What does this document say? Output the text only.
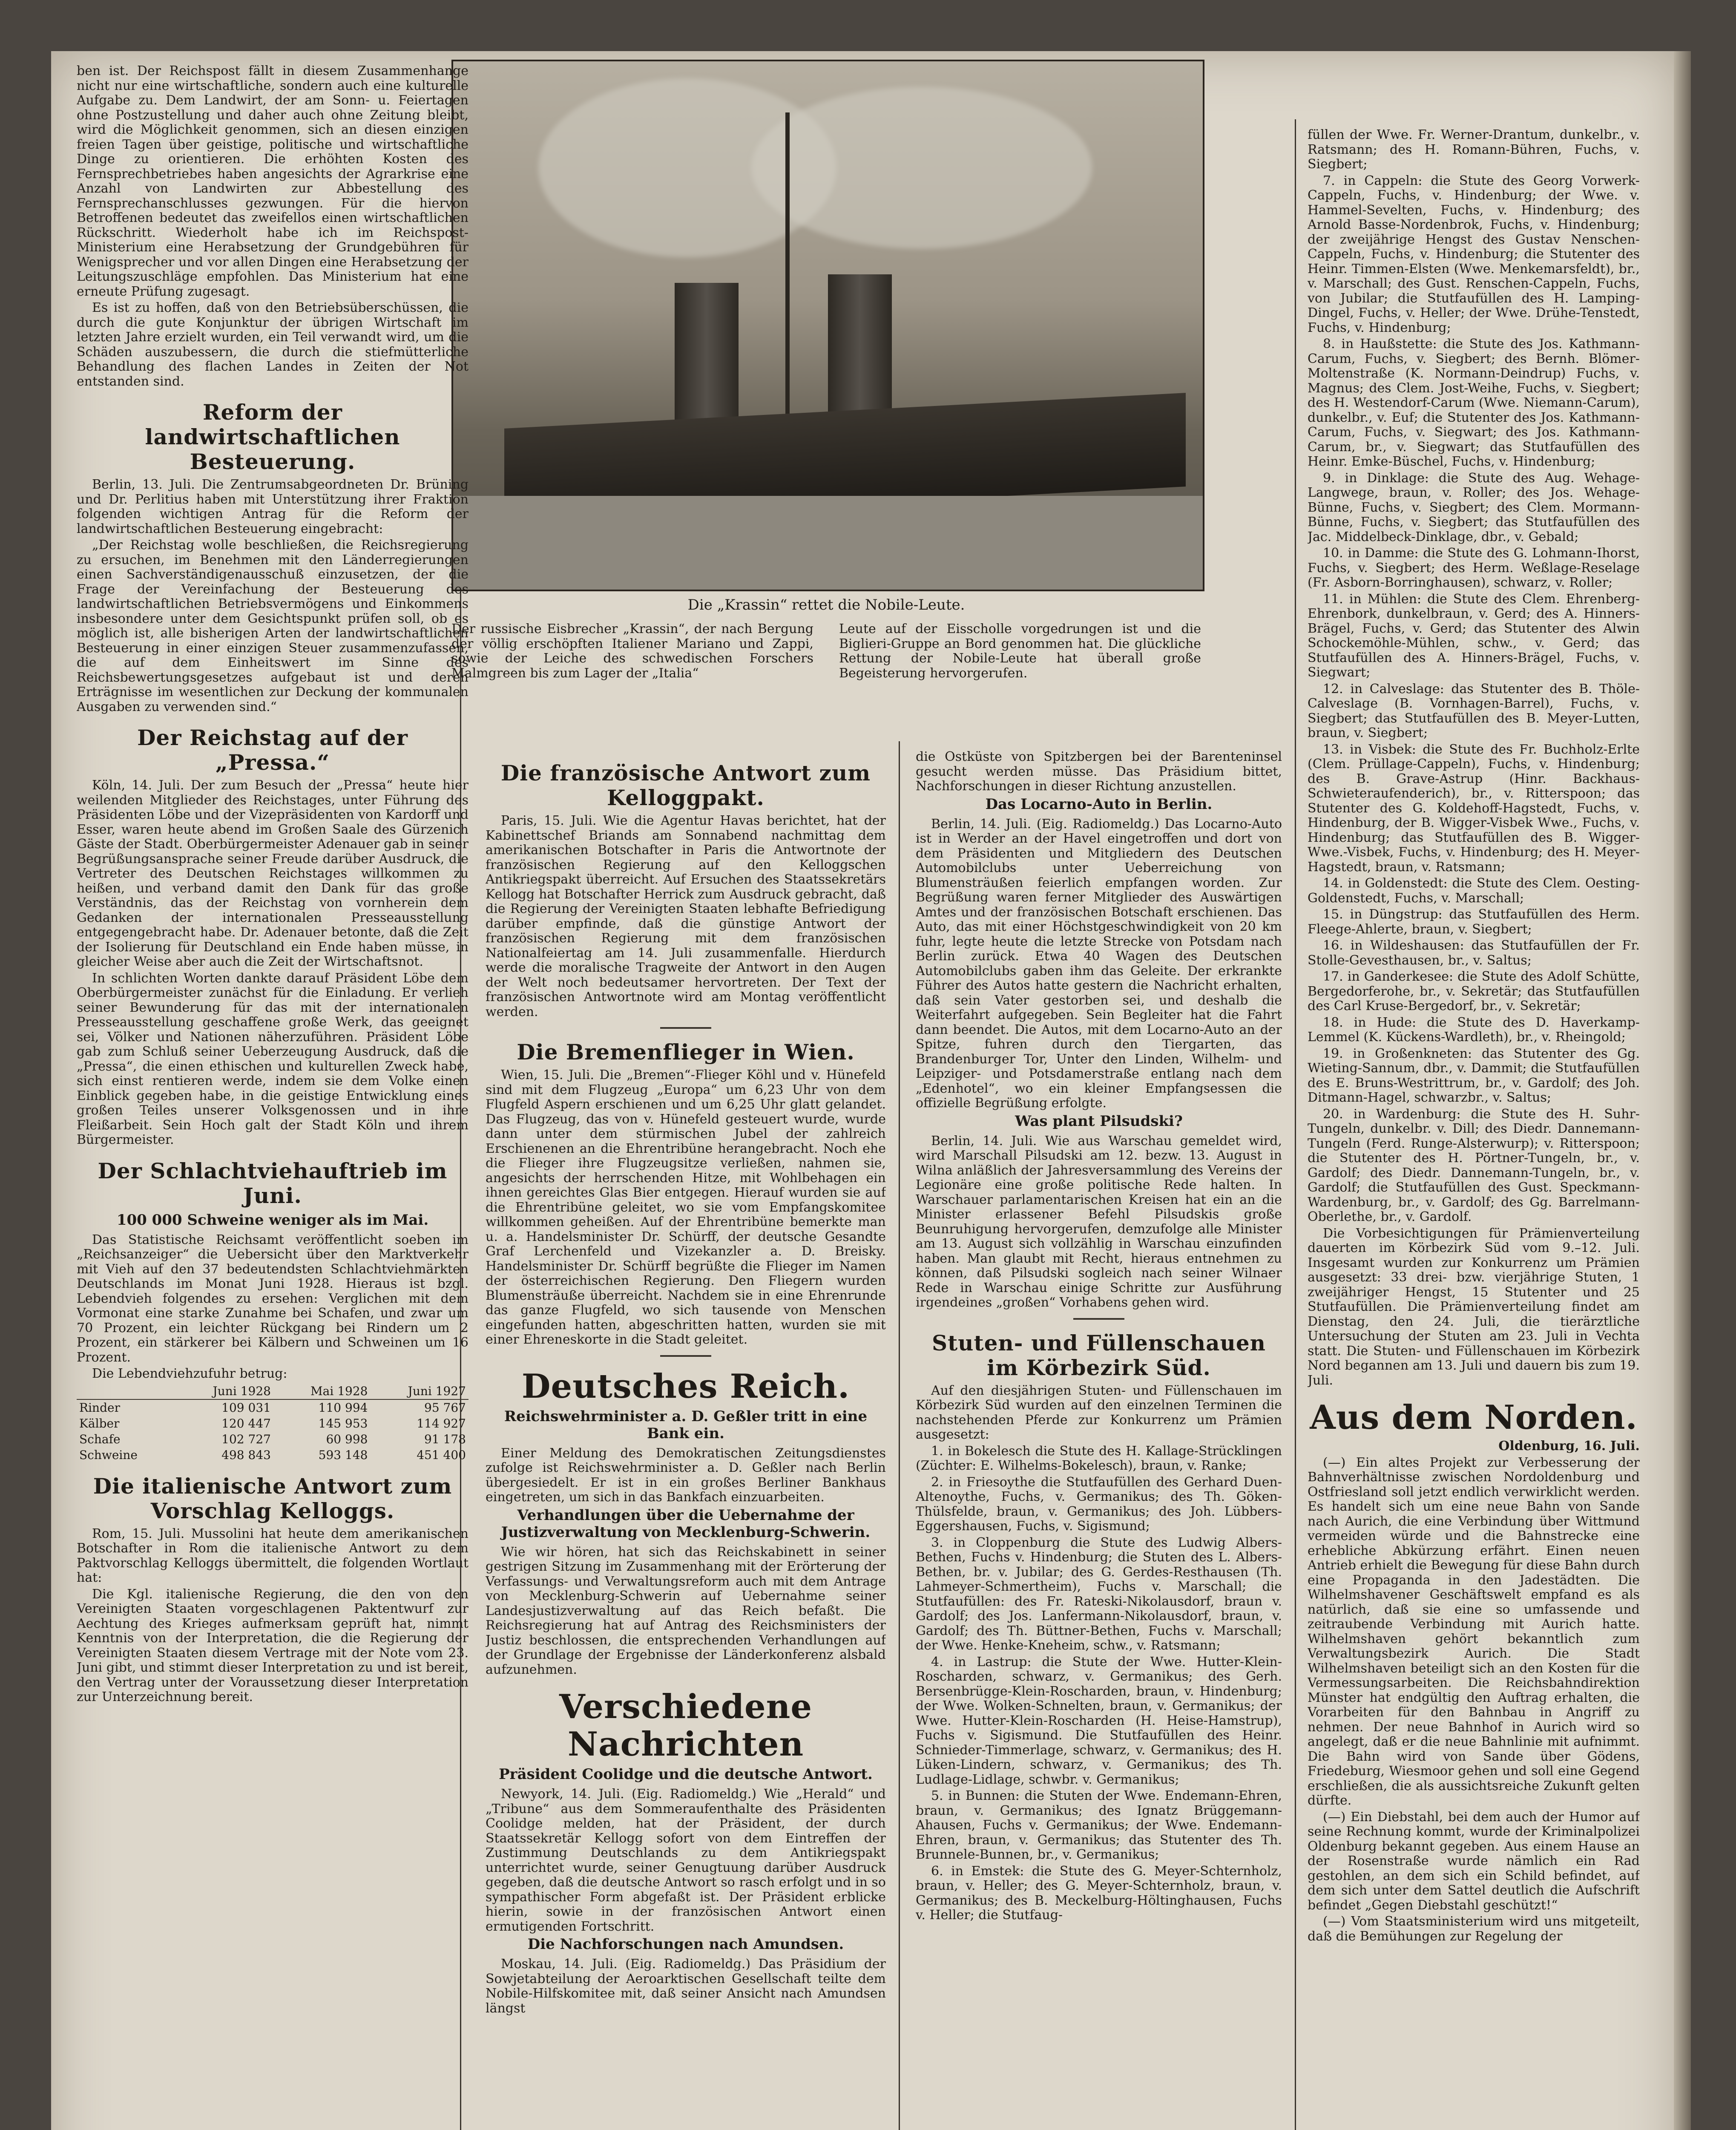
Die „Krassin“ rettet die Nobile-Leute.

Der russische Eisbrecher „Krassin“, der nach Bergung der völlig erschöpften Italiener Mariano und Zappi, sowie der Leiche des schwedischen Forschers Malmgreen bis zum Lager der „Italia“

Leute auf der Eisscholle vorgedrungen ist und die Biglieri-Gruppe an Bord genommen hat. Die glückliche Rettung der Nobile-Leute hat überall große Begeisterung hervorgerufen.

ben ist. Der Reichspost fällt in diesem Zusammenhange nicht nur eine wirtschaftliche, sondern auch eine kulturelle Aufgabe zu. Dem Landwirt, der am Sonn- u. Feiertagen ohne Postzustellung und daher auch ohne Zeitung bleibt, wird die Möglichkeit genommen, sich an diesen einzigen freien Tagen über geistige, politische und wirtschaftliche Dinge zu orientieren. Die erhöhten Kosten des Fernsprechbetriebes haben angesichts der Agrarkrise eine Anzahl von Landwirten zur Abbestellung des Fernsprechanschlusses gezwungen. Für die hiervon Betroffenen bedeutet das zweifellos einen wirtschaftlichen Rückschritt. Wiederholt habe ich im Reichspost-Ministerium eine Herabsetzung der Grundgebühren für Wenigsprecher und vor allen Dingen eine Herabsetzung der Leitungszuschläge empfohlen. Das Ministerium hat eine erneute Prüfung zugesagt.

Es ist zu hoffen, daß von den Betriebsüberschüssen, die durch die gute Konjunktur der übrigen Wirtschaft im letzten Jahre erzielt wurden, ein Teil verwandt wird, um die Schäden auszubessern, die durch die stiefmütterliche Behandlung des flachen Landes in Zeiten der Not entstanden sind.

Reform der landwirtschaftlichen Besteuerung.

Berlin, 13. Juli. Die Zentrumsabgeordneten Dr. Brüning und Dr. Perlitius haben mit Unterstützung ihrer Fraktion folgenden wichtigen Antrag für die Reform der landwirtschaftlichen Besteuerung eingebracht:

„Der Reichstag wolle beschließen, die Reichsregierung zu ersuchen, im Benehmen mit den Länderregierungen einen Sachverständigenausschuß einzusetzen, der die Frage der Vereinfachung der Besteuerung des landwirtschaftlichen Betriebsvermögens und Einkommens insbesondere unter dem Gesichtspunkt prüfen soll, ob es möglich ist, alle bisherigen Arten der landwirtschaftlichen Besteuerung in einer einzigen Steuer zusammenzufassen, die auf dem Einheitswert im Sinne des Reichsbewertungsgesetzes aufgebaut ist und deren Erträgnisse im wesentlichen zur Deckung der kommunalen Ausgaben zu verwenden sind.“

Der Reichstag auf der „Pressa.“

Köln, 14. Juli. Der zum Besuch der „Pressa“ heute hier weilenden Mitglieder des Reichstages, unter Führung des Präsidenten Löbe und der Vizepräsidenten von Kardorff und Esser, waren heute abend im Großen Saale des Gürzenich Gäste der Stadt. Oberbürgermeister Adenauer gab in seiner Begrüßungsansprache seiner Freude darüber Ausdruck, die Vertreter des Deutschen Reichstages willkommen zu heißen, und verband damit den Dank für das große Verständnis, das der Reichstag von vornherein dem Gedanken der internationalen Presseausstellung entgegengebracht habe. Dr. Adenauer betonte, daß die Zeit der Isolierung für Deutschland ein Ende haben müsse, in gleicher Weise aber auch die Zeit der Wirtschaftsnot.

In schlichten Worten dankte darauf Präsident Löbe dem Oberbürgermeister zunächst für die Einladung. Er verlieh seiner Bewunderung für das mit der internationalen Presseausstellung geschaffene große Werk, das geeignet sei, Völker und Nationen näherzuführen. Präsident Löbe gab zum Schluß seiner Ueberzeugung Ausdruck, daß die „Pressa“, die einen ethischen und kulturellen Zweck habe, sich einst rentieren werde, indem sie dem Volke einen Einblick gegeben habe, in die geistige Entwicklung eines großen Teiles unserer Volksgenossen und in ihre Fleißarbeit. Sein Hoch galt der Stadt Köln und ihrem Bürgermeister.

Der Schlachtviehauftrieb im Juni.
100 000 Schweine weniger als im Mai.

Das Statistische Reichsamt veröffentlicht soeben im „Reichsanzeiger“ die Uebersicht über den Marktverkehr mit Vieh auf den 37 bedeutendsten Schlachtviehmärkten Deutschlands im Monat Juni 1928. Hieraus ist bzgl. Lebendvieh folgendes zu ersehen: Verglichen mit dem Vormonat eine starke Zunahme bei Schafen, und zwar um 70 Prozent, ein leichter Rückgang bei Rindern um 2 Prozent, ein stärkerer bei Kälbern und Schweinen um 16 Prozent.

Die Lebendviehzufuhr betrug:

	Juni 1928	Mai 1928	Juni 1927
Rinder	109 031	110 994	95 767
Kälber	120 447	145 953	114 927
Schafe	102 727	60 998	91 178
Schweine	498 843	593 148	451 400
Die italienische Antwort zum Vorschlag Kelloggs.

Rom, 15. Juli. Mussolini hat heute dem amerikanischen Botschafter in Rom die italienische Antwort zu dem Paktvorschlag Kelloggs übermittelt, die folgenden Wortlaut hat:

Die Kgl. italienische Regierung, die den von den Vereinigten Staaten vorgeschlagenen Paktentwurf zur Aechtung des Krieges aufmerksam geprüft hat, nimmt Kenntnis von der Interpretation, die die Regierung der Vereinigten Staaten diesem Vertrage mit der Note vom 23. Juni gibt, und stimmt dieser Interpretation zu und ist bereit, den Vertrag unter der Voraussetzung dieser Interpretation zur Unterzeichnung bereit.

Die französische Antwort zum Kelloggpakt.

Paris, 15. Juli. Wie die Agentur Havas berichtet, hat der Kabinettschef Briands am Sonnabend nachmittag dem amerikanischen Botschafter in Paris die Antwortnote der französischen Regierung auf den Kelloggschen Antikriegspakt überreicht. Auf Ersuchen des Staatssekretärs Kellogg hat Botschafter Herrick zum Ausdruck gebracht, daß die Regierung der Vereinigten Staaten lebhafte Befriedigung darüber empfinde, daß die günstige Antwort der französischen Regierung mit dem französischen Nationalfeiertag am 14. Juli zusammenfalle. Hierdurch werde die moralische Tragweite der Antwort in den Augen der Welt noch bedeutsamer hervortreten. Der Text der französischen Antwortnote wird am Montag veröffentlicht werden.

Die Bremenflieger in Wien.

Wien, 15. Juli. Die „Bremen“-Flieger Köhl und v. Hünefeld sind mit dem Flugzeug „Europa“ um 6,23 Uhr von dem Flugfeld Aspern erschienen und um 6,25 Uhr glatt gelandet. Das Flugzeug, das von v. Hünefeld gesteuert wurde, wurde dann unter dem stürmischen Jubel der zahlreich Erschienenen an die Ehrentribüne herangebracht. Noch ehe die Flieger ihre Flugzeugsitze verließen, nahmen sie, angesichts der herrschenden Hitze, mit Wohlbehagen ein ihnen gereichtes Glas Bier entgegen. Hierauf wurden sie auf die Ehrentribüne geleitet, wo sie vom Empfangskomitee willkommen geheißen. Auf der Ehrentribüne bemerkte man u. a. Handelsminister Dr. Schürff, der deutsche Gesandte Graf Lerchenfeld und Vizekanzler a. D. Breisky. Handelsminister Dr. Schürff begrüßte die Flieger im Namen der österreichischen Regierung. Den Fliegern wurden Blumensträuße überreicht. Nachdem sie in eine Ehrenrunde das ganze Flugfeld, wo sich tausende von Menschen eingefunden hatten, abgeschritten hatten, wurden sie mit einer Ehreneskorte in die Stadt geleitet.

Deutsches Reich.
Reichswehrminister a. D. Geßler tritt in eine Bank ein.

Einer Meldung des Demokratischen Zeitungsdienstes zufolge ist Reichswehrminister a. D. Geßler nach Berlin übergesiedelt. Er ist in ein großes Berliner Bankhaus eingetreten, um sich in das Bankfach einzuarbeiten.

Verhandlungen über die Uebernahme der Justizverwaltung von Mecklenburg-Schwerin.

Wie wir hören, hat sich das Reichskabinett in seiner gestrigen Sitzung im Zusammenhang mit der Erörterung der Verfassungs- und Verwaltungsreform auch mit dem Antrage von Mecklenburg-Schwerin auf Uebernahme seiner Landesjustizverwaltung auf das Reich befaßt. Die Reichsregierung hat auf Antrag des Reichsministers der Justiz beschlossen, die entsprechenden Verhandlungen auf der Grundlage der Ergebnisse der Länderkonferenz alsbald aufzunehmen.

Verschiedene Nachrichten
Präsident Coolidge und die deutsche Antwort.

Newyork, 14. Juli. (Eig. Radiomeldg.) Wie „Herald“ und „Tribune“ aus dem Sommeraufenthalte des Präsidenten Coolidge melden, hat der Präsident, der durch Staatssekretär Kellogg sofort von dem Eintreffen der Zustimmung Deutschlands zu dem Antikriegspakt unterrichtet wurde, seiner Genugtuung darüber Ausdruck gegeben, daß die deutsche Antwort so rasch erfolgt und in so sympathischer Form abgefaßt ist. Der Präsident erblicke hierin, sowie in der französischen Antwort einen ermutigenden Fortschritt.

Die Nachforschungen nach Amundsen.

Moskau, 14. Juli. (Eig. Radiomeldg.) Das Präsidium der Sowjetabteilung der Aeroarktischen Gesellschaft teilte dem Nobile-Hilfskomitee mit, daß seiner Ansicht nach Amundsen längst

die Ostküste von Spitzbergen bei der Barenteninsel gesucht werden müsse. Das Präsidium bittet, Nachforschungen in dieser Richtung anzustellen.

Das Locarno-Auto in Berlin.

Berlin, 14. Juli. (Eig. Radiomeldg.) Das Locarno-Auto ist in Werder an der Havel eingetroffen und dort von dem Präsidenten und Mitgliedern des Deutschen Automobilclubs unter Ueberreichung von Blumensträußen feierlich empfangen worden. Zur Begrüßung waren ferner Mitglieder des Auswärtigen Amtes und der französischen Botschaft erschienen. Das Auto, das mit einer Höchstgeschwindigkeit von 20 km fuhr, legte heute die letzte Strecke von Potsdam nach Berlin zurück. Etwa 40 Wagen des Deutschen Automobilclubs gaben ihm das Geleite. Der erkrankte Führer des Autos hatte gestern die Nachricht erhalten, daß sein Vater gestorben sei, und deshalb die Weiterfahrt aufgegeben. Sein Begleiter hat die Fahrt dann beendet. Die Autos, mit dem Locarno-Auto an der Spitze, fuhren durch den Tiergarten, das Brandenburger Tor, Unter den Linden, Wilhelm- und Leipziger- und Potsdamerstraße entlang nach dem „Edenhotel“, wo ein kleiner Empfangsessen die offizielle Begrüßung erfolgte.

Was plant Pilsudski?

Berlin, 14. Juli. Wie aus Warschau gemeldet wird, wird Marschall Pilsudski am 12. bezw. 13. August in Wilna anläßlich der Jahresversammlung des Vereins der Legionäre eine große politische Rede halten. In Warschauer parlamentarischen Kreisen hat ein an die Minister erlassener Befehl Pilsudskis große Beunruhigung hervorgerufen, demzufolge alle Minister am 13. August sich vollzählig in Warschau einzufinden haben. Man glaubt mit Recht, hieraus entnehmen zu können, daß Pilsudski sogleich nach seiner Wilnaer Rede in Warschau einige Schritte zur Ausführung irgendeines „großen“ Vorhabens gehen wird.

Stuten- und Füllenschauen im Körbezirk Süd.

Auf den diesjährigen Stuten- und Füllenschauen im Körbezirk Süd wurden auf den einzelnen Terminen die nachstehenden Pferde zur Konkurrenz um Prämien ausgesetzt:

1. in Bokelesch die Stute des H. Kallage-Strücklingen (Züchter: E. Wilhelms-Bokelesch), braun, v. Ranke;

2. in Friesoythe die Stutfaufüllen des Gerhard Duen-Altenoythe, Fuchs, v. Germanikus; des Th. Göken-Thülsfelde, braun, v. Germanikus; des Joh. Lübbers-Eggershausen, Fuchs, v. Sigismund;

3. in Cloppenburg die Stute des Ludwig Albers-Bethen, Fuchs v. Hindenburg; die Stuten des L. Albers-Bethen, br. v. Jubilar; des G. Gerdes-Resthausen (Th. Lahmeyer-Schmertheim), Fuchs v. Marschall; die Stutfaufüllen: des Fr. Rateski-Nikolausdorf, braun v. Gardolf; des Jos. Lanfermann-Nikolausdorf, braun, v. Gardolf; des Th. Büttner-Bethen, Fuchs v. Marschall; der Wwe. Henke-Kneheim, schw., v. Ratsmann;

4. in Lastrup: die Stute der Wwe. Hutter-Klein-Roscharden, schwarz, v. Germanikus; des Gerh. Bersenbrügge-Klein-Roscharden, braun, v. Hindenburg; der Wwe. Wolken-Schnelten, braun, v. Germanikus; der Wwe. Hutter-Klein-Roscharden (H. Heise-Hamstrup), Fuchs v. Sigismund. Die Stutfaufüllen des Heinr. Schnieder-Timmerlage, schwarz, v. Germanikus; des H. Lüken-Lindern, schwarz, v. Germanikus; des Th. Ludlage-Lidlage, schwbr. v. Germanikus;

5. in Bunnen: die Stuten der Wwe. Endemann-Ehren, braun, v. Germanikus; des Ignatz Brüggemann-Ahausen, Fuchs v. Germanikus; der Wwe. Endemann-Ehren, braun, v. Germanikus; das Stutenter des Th. Brunnele-Bunnen, br., v. Germanikus;

6. in Emstek: die Stute des G. Meyer-Schternholz, braun, v. Heller; des G. Meyer-Schternholz, braun, v. Germanikus; des B. Meckelburg-Höltinghausen, Fuchs v. Heller; die Stutfaug-

füllen der Wwe. Fr. Werner-Drantum, dunkelbr., v. Ratsmann; des H. Romann-Bühren, Fuchs, v. Siegbert;

7. in Cappeln: die Stute des Georg Vorwerk-Cappeln, Fuchs, v. Hindenburg; der Wwe. v. Hammel-Sevelten, Fuchs, v. Hindenburg; des Arnold Basse-Nordenbrok, Fuchs, v. Hindenburg; der zweijährige Hengst des Gustav Nenschen-Cappeln, Fuchs, v. Hindenburg; die Stutenter des Heinr. Timmen-Elsten (Wwe. Menkemarsfeldt), br., v. Marschall; des Gust. Renschen-Cappeln, Fuchs, von Jubilar; die Stutfaufüllen des H. Lamping-Dingel, Fuchs, v. Heller; der Wwe. Drühe-Tenstedt, Fuchs, v. Hindenburg;

8. in Haußstette: die Stute des Jos. Kathmann-Carum, Fuchs, v. Siegbert; des Bernh. Blömer-Moltenstraße (K. Normann-Deindrup) Fuchs, v. Magnus; des Clem. Jost-Weihe, Fuchs, v. Siegbert; des H. Westendorf-Carum (Wwe. Niemann-Carum), dunkelbr., v. Euf; die Stutenter des Jos. Kathmann-Carum, Fuchs, v. Siegwart; des Jos. Kathmann-Carum, br., v. Siegwart; das Stutfaufüllen des Heinr. Emke-Büschel, Fuchs, v. Hindenburg;

9. in Dinklage: die Stute des Aug. Wehage-Langwege, braun, v. Roller; des Jos. Wehage-Bünne, Fuchs, v. Siegbert; des Clem. Mormann-Bünne, Fuchs, v. Siegbert; das Stutfaufüllen des Jac. Middelbeck-Dinklage, dbr., v. Gebald;

10. in Damme: die Stute des G. Lohmann-Ihorst, Fuchs, v. Siegbert; des Herm. Weßlage-Reselage (Fr. Asborn-Borringhausen), schwarz, v. Roller;

11. in Mühlen: die Stute des Clem. Ehrenberg-Ehrenbork, dunkelbraun, v. Gerd; des A. Hinners-Brägel, Fuchs, v. Gerd; das Stutenter des Alwin Schockemöhle-Mühlen, schw., v. Gerd; das Stutfaufüllen des A. Hinners-Brägel, Fuchs, v. Siegwart;

12. in Calveslage: das Stutenter des B. Thöle-Calveslage (B. Vornhagen-Barrel), Fuchs, v. Siegbert; das Stutfaufüllen des B. Meyer-Lutten, braun, v. Siegbert;

13. in Visbek: die Stute des Fr. Buchholz-Erlte (Clem. Prüllage-Cappeln), Fuchs, v. Hindenburg; des B. Grave-Astrup (Hinr. Backhaus-Schwieteraufenderich), br., v. Ritterspoon; das Stutenter des G. Koldehoff-Hagstedt, Fuchs, v. Hindenburg, der B. Wigger-Visbek Wwe., Fuchs, v. Hindenburg; das Stutfaufüllen des B. Wigger-Wwe.-Visbek, Fuchs, v. Hindenburg; des H. Meyer-Hagstedt, braun, v. Ratsmann;

14. in Goldenstedt: die Stute des Clem. Oesting-Goldenstedt, Fuchs, v. Marschall;

15. in Düngstrup: das Stutfaufüllen des Herm. Fleege-Ahlerte, braun, v. Siegbert;

16. in Wildeshausen: das Stutfaufüllen der Fr. Stolle-Gevesthausen, br., v. Saltus;

17. in Ganderkesee: die Stute des Adolf Schütte, Bergedorferohe, br., v. Sekretär; das Stutfaufüllen des Carl Kruse-Bergedorf, br., v. Sekretär;

18. in Hude: die Stute des D. Haverkamp-Lemmel (K. Kückens-Wardleth), br., v. Rheingold;

19. in Großenkneten: das Stutenter des Gg. Wieting-Sannum, dbr., v. Dammit; die Stutfaufüllen des E. Bruns-Westrittrum, br., v. Gardolf; des Joh. Ditmann-Hagel, schwarzbr., v. Saltus;

20. in Wardenburg: die Stute des H. Suhr-Tungeln, dunkelbr. v. Dill; des Diedr. Dannemann-Tungeln (Ferd. Runge-Alsterwurp); v. Ritterspoon; die Stutenter des H. Pörtner-Tungeln, br., v. Gardolf; des Diedr. Dannemann-Tungeln, br., v. Gardolf; die Stutfaufüllen des Gust. Speckmann-Wardenburg, br., v. Gardolf; des Gg. Barrelmann-Oberlethe, br., v. Gardolf.

Die Vorbesichtigungen für Prämienverteilung dauerten im Körbezirk Süd vom 9.–12. Juli. Insgesamt wurden zur Konkurrenz um Prämien ausgesetzt: 33 drei- bzw. vierjährige Stuten, 1 zweijähriger Hengst, 15 Stutenter und 25 Stutfaufüllen. Die Prämienverteilung findet am Dienstag, den 24. Juli, die tierärztliche Untersuchung der Stuten am 23. Juli in Vechta statt. Die Stuten- und Füllenschauen im Körbezirk Nord begannen am 13. Juli und dauern bis zum 19. Juli.

Aus dem Norden.

Oldenburg, 16. Juli.

(—) Ein altes Projekt zur Verbesserung der Bahnverhältnisse zwischen Nordoldenburg und Ostfriesland soll jetzt endlich verwirklicht werden. Es handelt sich um eine neue Bahn von Sande nach Aurich, die eine Verbindung über Wittmund vermeiden würde und die Bahnstrecke eine erhebliche Abkürzung erfährt. Einen neuen Antrieb erhielt die Bewegung für diese Bahn durch eine Propaganda in den Jadestädten. Die Wilhelmshavener Geschäftswelt empfand es als natürlich, daß sie eine so umfassende und zeitraubende Verbindung mit Aurich hatte. Wilhelmshaven gehört bekanntlich zum Verwaltungsbezirk Aurich. Die Stadt Wilhelmshaven beteiligt sich an den Kosten für die Vermessungsarbeiten. Die Reichsbahndirektion Münster hat endgültig den Auftrag erhalten, die Vorarbeiten für den Bahnbau in Angriff zu nehmen. Der neue Bahnhof in Aurich wird so angelegt, daß er die neue Bahnlinie mit aufnimmt. Die Bahn wird von Sande über Gödens, Friedeburg, Wiesmoor gehen und soll eine Gegend erschließen, die als aussichtsreiche Zukunft gelten dürfte.

(—) Ein Diebstahl, bei dem auch der Humor auf seine Rechnung kommt, wurde der Kriminalpolizei Oldenburg bekannt gegeben. Aus einem Hause an der Rosenstraße wurde nämlich ein Rad gestohlen, an dem sich ein Schild befindet, auf dem sich unter dem Sattel deutlich die Aufschrift befindet „Gegen Diebstahl geschützt!“

(—) Vom Staatsministerium wird uns mitgeteilt, daß die Bemühungen zur Regelung der
